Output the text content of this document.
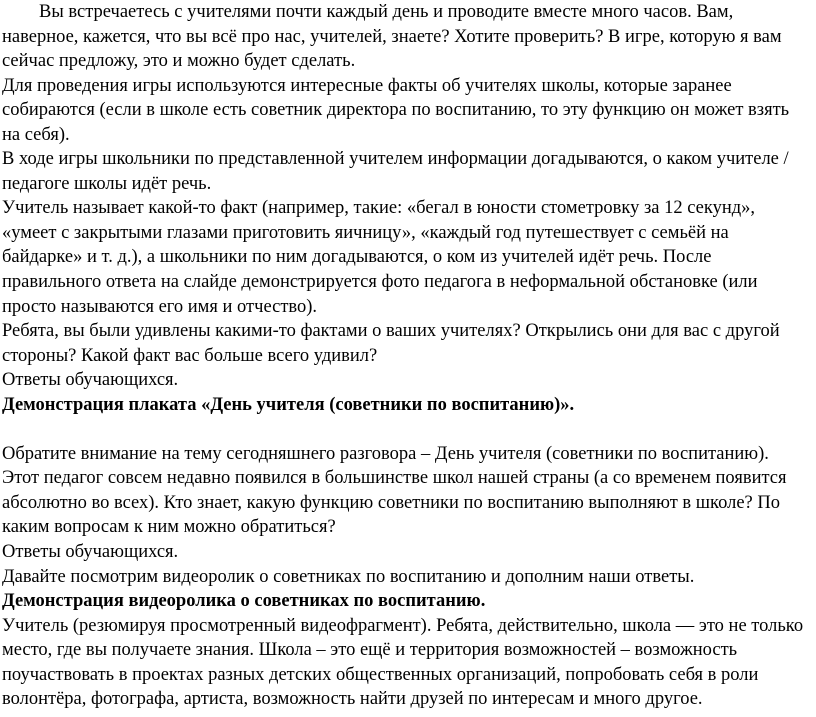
Вы встречаетесь с учителями почти каждый день и проводите вместе много часов. Вам, наверное, кажется, что вы всё про нас, учителей, знаете? Хотите проверить? В игре, которую я вам сейчас предложу, это и можно будет сделать.

Для проведения игры используются интересные факты об учителях школы, которые заранее собираются (если в школе есть советник директора по воспитанию, то эту функцию он может взять на себя).

В ходе игры школьники по представленной учителем информации догадываются, о каком учителе / педагоге школы идёт речь.

Учитель называет какой-то факт (например, такие: «бегал в юности стометровку за 12 секунд», «умеет с закрытыми глазами приготовить яичницу», «каждый год путешествует с семьёй на байдарке» и т. д.), а школьники по ним догадываются, о ком из учителей идёт речь. После правильного ответа на слайде демонстрируется фото педагога в неформальной обстановке (или просто называются его имя и отчество).

Ребята, вы были удивлены какими-то фактами о ваших учителях? Открылись они для вас с другой стороны? Какой факт вас больше всего удивил?

Ответы обучающихся.

Демонстрация плаката «День учителя (советники по воспитанию)».

Обратите внимание на тему сегодняшнего разговора – День учителя (советники по воспитанию). Этот педагог совсем недавно появился в большинстве школ нашей страны (а со временем появится абсолютно во всех). Кто знает, какую функцию советники по воспитанию выполняют в школе? По каким вопросам к ним можно обратиться?

Ответы обучающихся.

Давайте посмотрим видеоролик о советниках по воспитанию и дополним наши ответы.

Демонстрация видеоролика о советниках по воспитанию.

Учитель (резюмируя просмотренный видеофрагмент). Ребята, действительно, школа — это не только место, где вы получаете знания. Школа – это ещё и территория возможностей – возможность поучаствовать в проектах разных детских общественных организаций, попробовать себя в роли волонтёра, фотографа, артиста, возможность найти друзей по интересам и много другое.
